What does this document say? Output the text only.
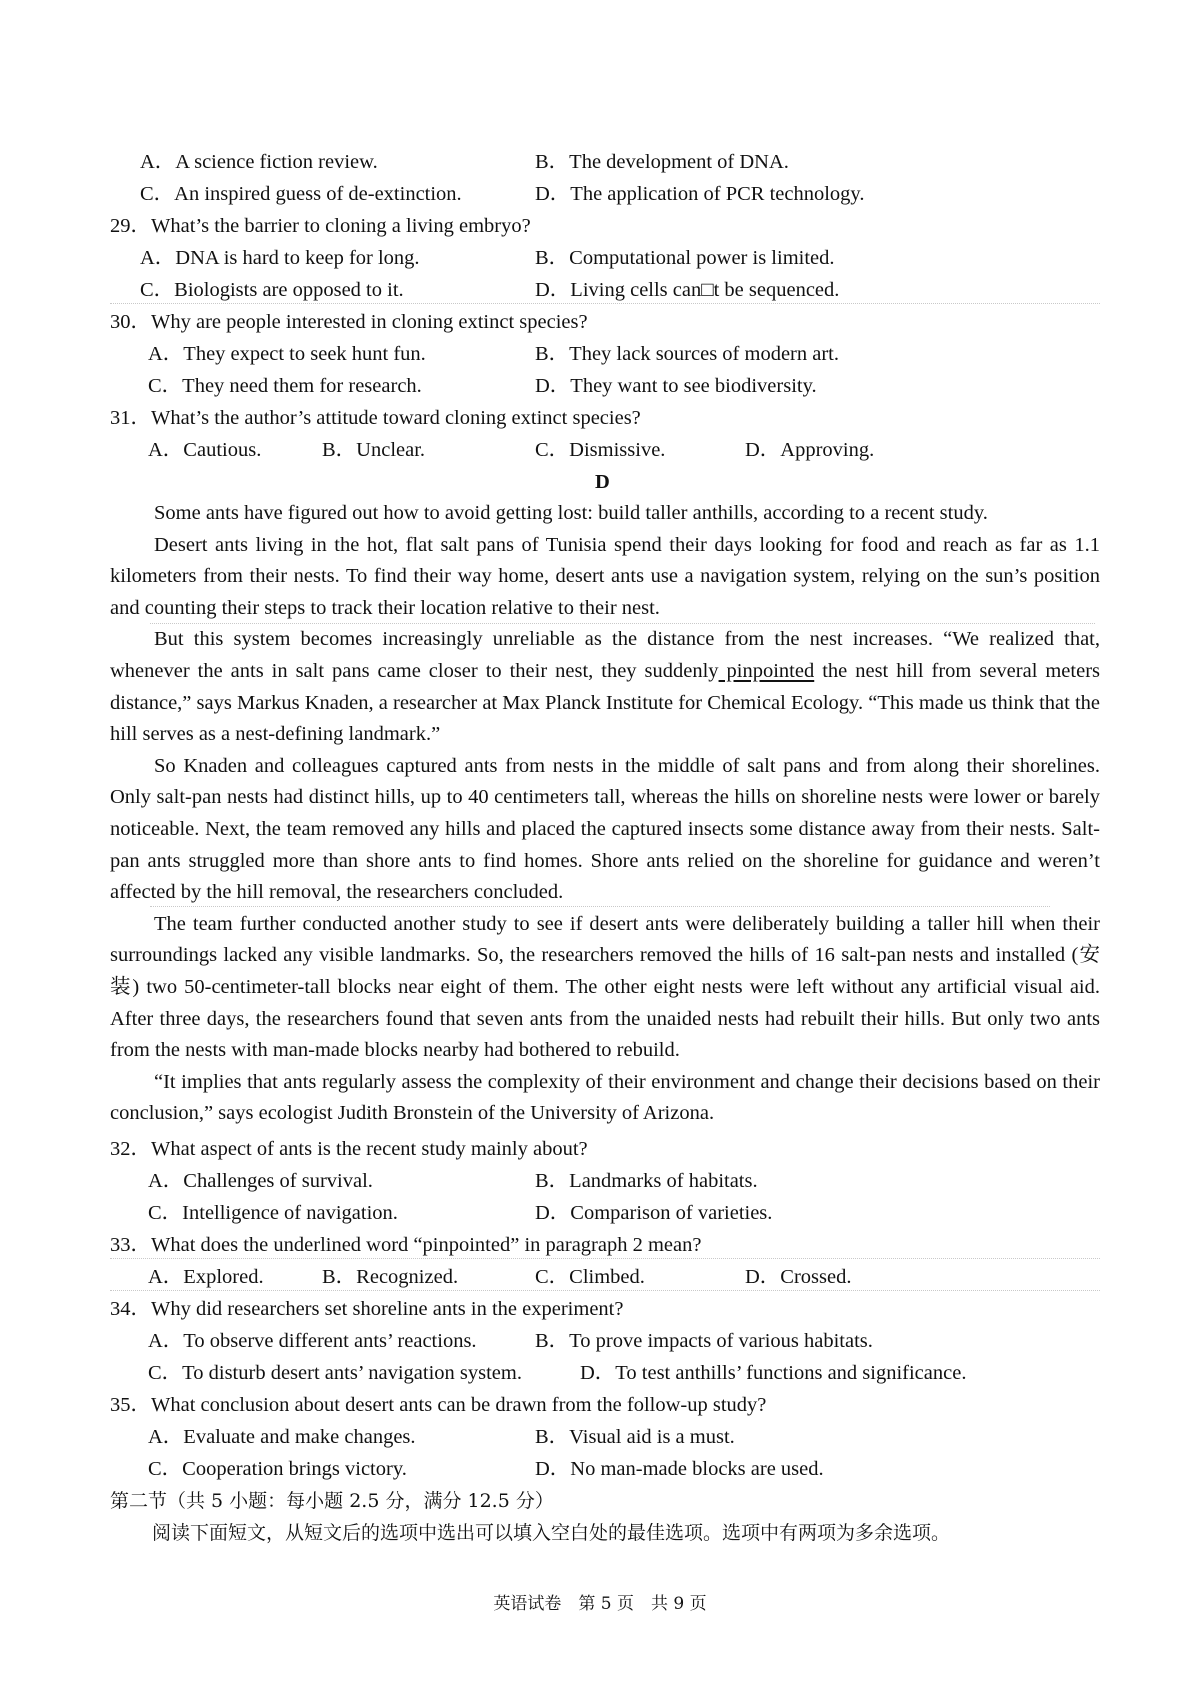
A．A science fiction review.	B．The development of DNA.
C．An inspired guess of de-extinction.	D．The application of PCR technology.
29．What’s the barrier to cloning a living embryo?
A．DNA is hard to keep for long.	B．Computational power is limited.
C．Biologists are opposed to it.	D．Living cells can□t be sequenced.
30．Why are people interested in cloning extinct species?
A．They expect to seek hunt fun.	B．They lack sources of modern art.
C．They need them for research.	D．They want to see biodiversity.
31．What’s the author’s attitude toward cloning extinct species?
A．Cautious.	B．Unclear.	C．Dismissive.	D．Approving.
D

Some ants have figured out how to avoid getting lost: build taller anthills, according to a recent study.

Desert ants living in the hot, flat salt pans of Tunisia spend their days looking for food and reach as far as 1.1 kilometers from their nests. To find their way home, desert ants use a navigation system, relying on the sun’s position and counting their steps to track their location relative to their nest.

But this system becomes increasingly unreliable as the distance from the nest increases. “We realized that, whenever the ants in salt pans came closer to their nest, they suddenly pinpointed the nest hill from several meters distance,” says Markus Knaden, a researcher at Max Planck Institute for Chemical Ecology. “This made us think that the hill serves as a nest-defining landmark.”

So Knaden and colleagues captured ants from nests in the middle of salt pans and from along their shorelines. Only salt-pan nests had distinct hills, up to 40 centimeters tall, whereas the hills on shoreline nests were lower or barely noticeable. Next, the team removed any hills and placed the captured insects some distance away from their nests. Salt-pan ants struggled more than shore ants to find homes. Shore ants relied on the shoreline for guidance and weren’t affected by the hill removal, the researchers concluded.

The team further conducted another study to see if desert ants were deliberately building a taller hill when their surroundings lacked any visible landmarks. So, the researchers removed the hills of 16 salt-pan nests and installed (安装) two 50-centimeter-tall blocks near eight of them. The other eight nests were left without any artificial visual aid. After three days, the researchers found that seven ants from the unaided nests had rebuilt their hills. But only two ants from the nests with man-made blocks nearby had bothered to rebuild.

“It implies that ants regularly assess the complexity of their environment and change their decisions based on their conclusion,” says ecologist Judith Bronstein of the University of Arizona.

32．What aspect of ants is the recent study mainly about?
A．Challenges of survival.	B．Landmarks of habitats.
C．Intelligence of navigation.	D．Comparison of varieties.
33．What does the underlined word “pinpointed” in paragraph 2 mean?
A．Explored.	B．Recognized.	C．Climbed.	D．Crossed.
34．Why did researchers set shoreline ants in the experiment?
A．To observe different ants’ reactions.	B．To prove impacts of various habitats.
C．To disturb desert ants’ navigation system.	D．To test anthills’ functions and significance.
35．What conclusion about desert ants can be drawn from the follow-up study?
A．Evaluate and make changes.	B．Visual aid is a must.
C．Cooperation brings victory.	D．No man-made blocks are used.
第二节（共 5 小题：每小题 2.5 分，满分 12.5 分）
阅读下面短文，从短文后的选项中选出可以填入空白处的最佳选项。选项中有两项为多余选项。
英语试卷　第 5 页　共 9 页
